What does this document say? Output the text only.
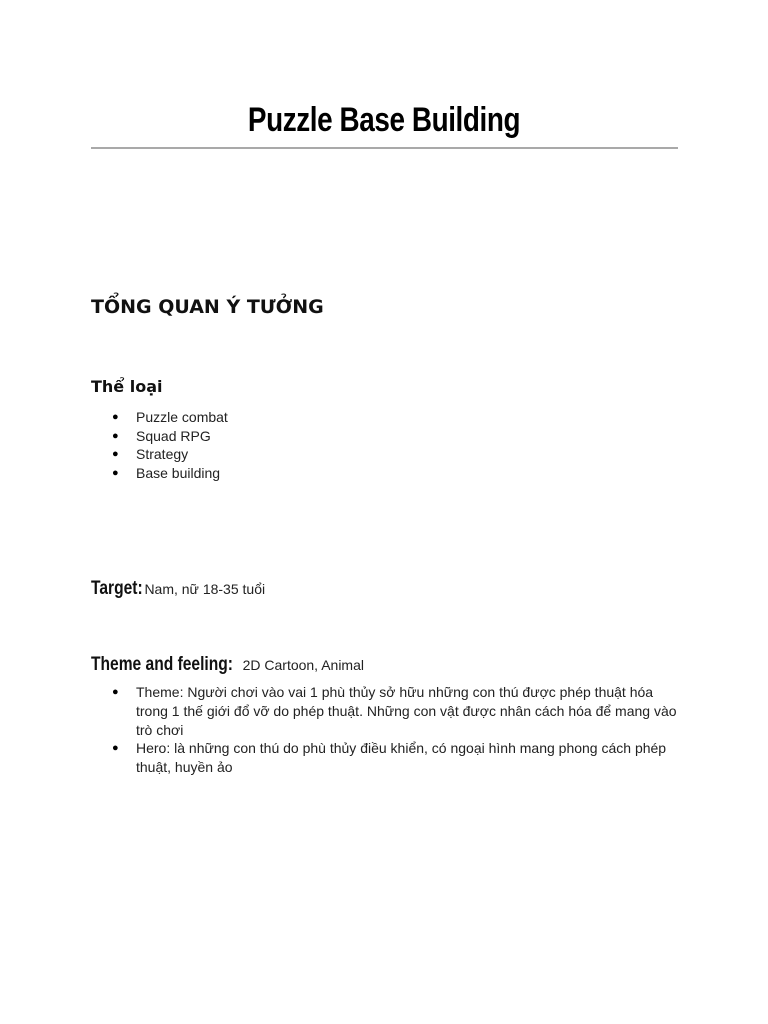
Puzzle Base Building
TỔNG QUAN Ý TƯỞNG
Thể loại
● Puzzle combat
● Squad RPG
● Strategy
● Base building
Target: Nam, nữ 18-35 tuổi
Theme and feeling: 2D Cartoon, Animal
● Theme: Người chơi vào vai 1 phù thủy sở hữu những con thú được phép thuật hóa trong 1 thế giới đổ vỡ do phép thuật. Những con vật được nhân cách hóa để mang vào trò chơi
● Hero: là những con thú do phù thủy điều khiển, có ngoại hình mang phong cách phép thuật, huyền ảo
